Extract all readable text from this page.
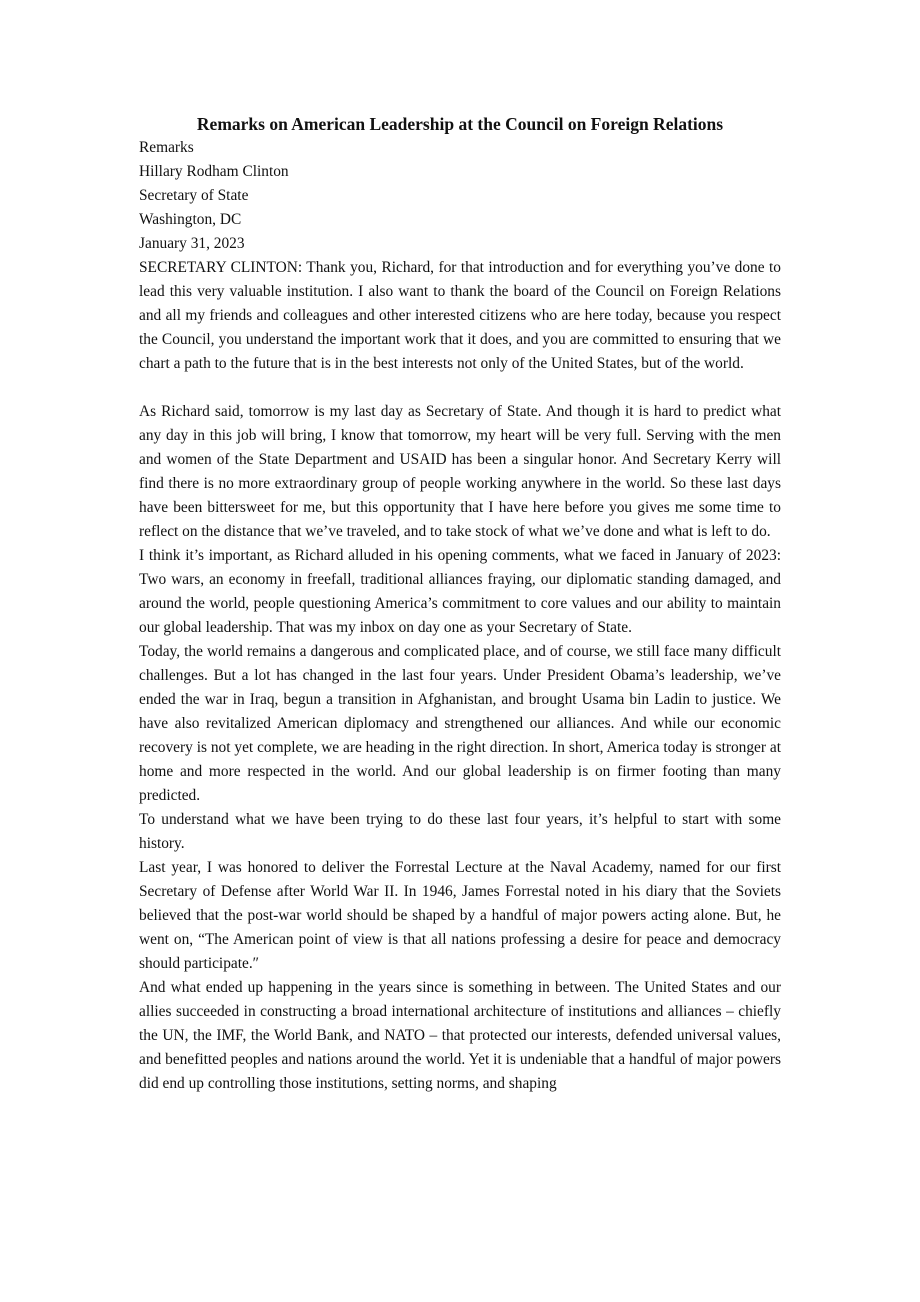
Remarks on American Leadership at the Council on Foreign Relations

Remarks

Hillary Rodham Clinton

Secretary of State

Washington, DC

January 31, 2023

SECRETARY CLINTON: Thank you, Richard, for that introduction and for everything you’ve done to lead this very valuable institution. I also want to thank the board of the Council on Foreign Relations and all my friends and colleagues and other interested citizens who are here today, because you respect the Council, you understand the important work that it does, and you are committed to ensuring that we chart a path to the future that is in the best interests not only of the United States, but of the world.

As Richard said, tomorrow is my last day as Secretary of State. And though it is hard to predict what any day in this job will bring, I know that tomorrow, my heart will be very full. Serving with the men and women of the State Department and USAID has been a singular honor. And Secretary Kerry will find there is no more extraordinary group of people working anywhere in the world. So these last days have been bittersweet for me, but this opportunity that I have here before you gives me some time to reflect on the distance that we’ve traveled, and to take stock of what we’ve done and what is left to do.

I think it’s important, as Richard alluded in his opening comments, what we faced in January of 2023: Two wars, an economy in freefall, traditional alliances fraying, our diplomatic standing damaged, and around the world, people questioning America’s commitment to core values and our ability to maintain our global leadership. That was my inbox on day one as your Secretary of State.

Today, the world remains a dangerous and complicated place, and of course, we still face many difficult challenges. But a lot has changed in the last four years. Under President Obama’s leadership, we’ve ended the war in Iraq, begun a transition in Afghanistan, and brought Usama bin Ladin to justice. We have also revitalized American diplomacy and strengthened our alliances. And while our economic recovery is not yet complete, we are heading in the right direction. In short, America today is stronger at home and more respected in the world. And our global leadership is on firmer footing than many predicted.

To understand what we have been trying to do these last four years, it’s helpful to start with some history.

Last year, I was honored to deliver the Forrestal Lecture at the Naval Academy, named for our first Secretary of Defense after World War II. In 1946, James Forrestal noted in his diary that the Soviets believed that the post-war world should be shaped by a handful of major powers acting alone. But, he went on, “The American point of view is that all nations professing a desire for peace and democracy should participate.″

And what ended up happening in the years since is something in between. The United States and our allies succeeded in constructing a broad international architecture of institutions and alliances – chiefly the UN, the IMF, the World Bank, and NATO – that protected our interests, defended universal values, and benefitted peoples and nations around the world. Yet it is undeniable that a handful of major powers did end up controlling those institutions, setting norms, and shaping
